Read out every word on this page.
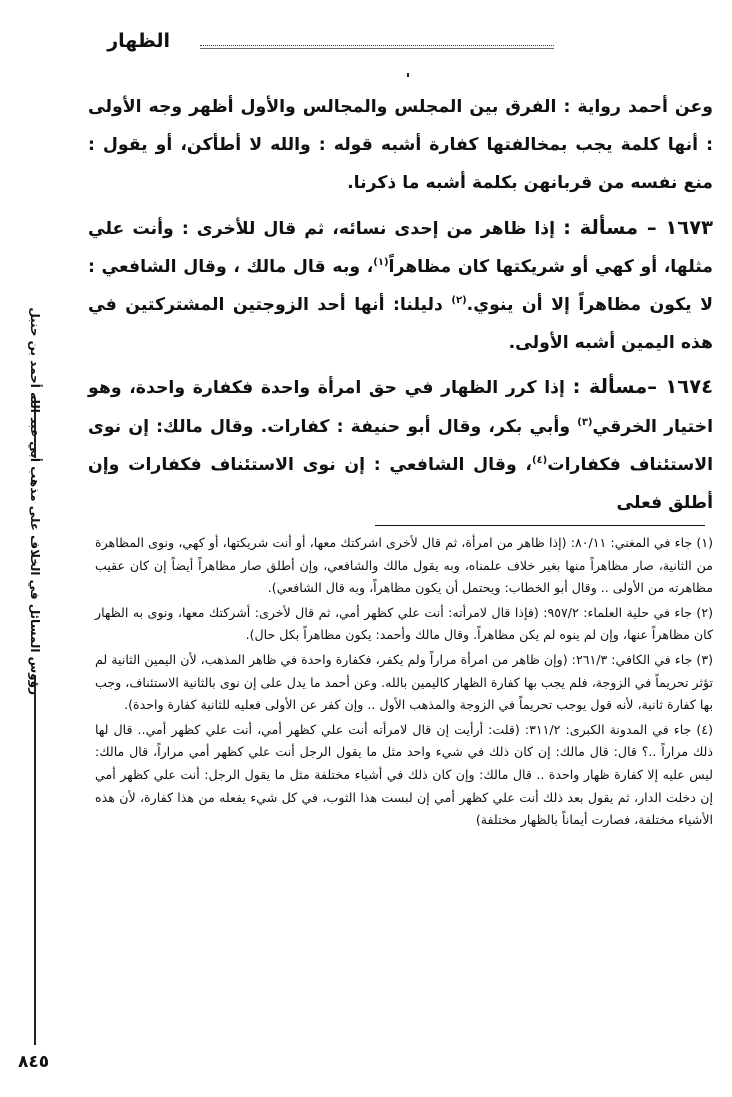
الظهار

وعن أحمد رواية : الفرق بين المجلس والمجالس والأول أظهر وجه الأولى : أنها كلمة يجب بمخالفتها كفارة أشبه قوله : والله لا أطأكن، أو يقول : منع نفسه من قربانهن بكلمة أشبه ما ذكرنا.

١٦٧٣ – مسألة : إذا ظاهر من إحدى نسائه، ثم قال للأخرى : وأنت علي مثلها، أو كهي أو شريكتها كان مظاهراً$^{(١)}$، وبه قال مالك ، وقال الشافعي : لا يكون مظاهراً إلا أن ينوي.$^{(٢)}$ دليلنا: أنها أحد الزوجتين المشتركتين في هذه اليمين أشبه الأولى.

١٦٧٤ –مسألة : إذا كرر الظهار في حق امرأة واحدة فكفارة واحدة، وهو اختيار الخرقي$^{(٣)}$ وأبي بكر، وقال أبو حنيفة : كفارات. وقال مالك: إن نوى الاستئناف فكفارات$^{(٤)}$، وقال الشافعي : إن نوى الاستئناف فكفارات وإن أطلق فعلى

(١) جاء في المغني: ٨٠/١١: (إذا ظاهر من امرأة، ثم قال لأخرى اشركتك معها، أو أنت شريكتها، أو كهي، ونوى المظاهرة من الثانية، صار مظاهراً منها بغير خلاف علمناه، وبه يقول مالك والشافعي، وإن أطلق صار مظاهراً أيضاً إن كان عقيب مظاهرته من الأولى .. وقال أبو الخطاب: ويحتمل أن يكون مظاهراً، وبه قال الشافعي).

(٢) جاء في حلية العلماء: ٩٥٧/٢: (فإذا قال لامرأته: أنت علي كظهر أمي، ثم قال لأخرى: أشركتك معها، ونوى به الظهار كان مظاهراً عنها، وإن لم ينوه لم يكن مظاهراً. وقال مالك وأحمد: يكون مظاهراً بكل حال).

(٣) جاء في الكافي: ٢٦١/٣: (وإن ظاهر من امرأة مراراً ولم يكفر، فكفارة واحدة في ظاهر المذهب، لأن اليمين الثانية لم تؤثر تحريماً في الزوجة، فلم يجب بها كفارة الظهار كاليمين بالله. وعن أحمد ما يدل على إن نوى بالثانية الاستئناف، وجب بها كفارة ثانية، لأنه قول يوجب تحريماً في الزوجة والمذهب الأول .. وإن كفر عن الأولى فعليه للثانية كفارة واحدة).

(٤) جاء في المدونة الكبرى: ٣١١/٢: (قلت: أرأيت إن قال لامرأته أنت علي كظهر أمي، أنت علي كظهر أمي.. قال لها ذلك مراراً ..؟ قال: قال مالك: إن كان ذلك في شيء واحد مثل ما يقول الرجل أنت علي كظهر أمي مراراً، قال مالك: ليس عليه إلا كفارة ظهار واحدة .. قال مالك: وإن كان ذلك في أشياء مختلفة مثل ما يقول الرجل: أنت علي كظهر أمي إن دخلت الدار، ثم يقول بعد ذلك أنت علي كظهر أمي إن لبست هذا الثوب، في كل شيء يفعله من هذا كفارة، لأن هذه الأشياء مختلفة، فصارت أيماناً بالظهار مختلفة)

رؤوس المسائل في الخلاف على مذهب أبي عبد الله أحمد بن حنبل
٨٤٥
